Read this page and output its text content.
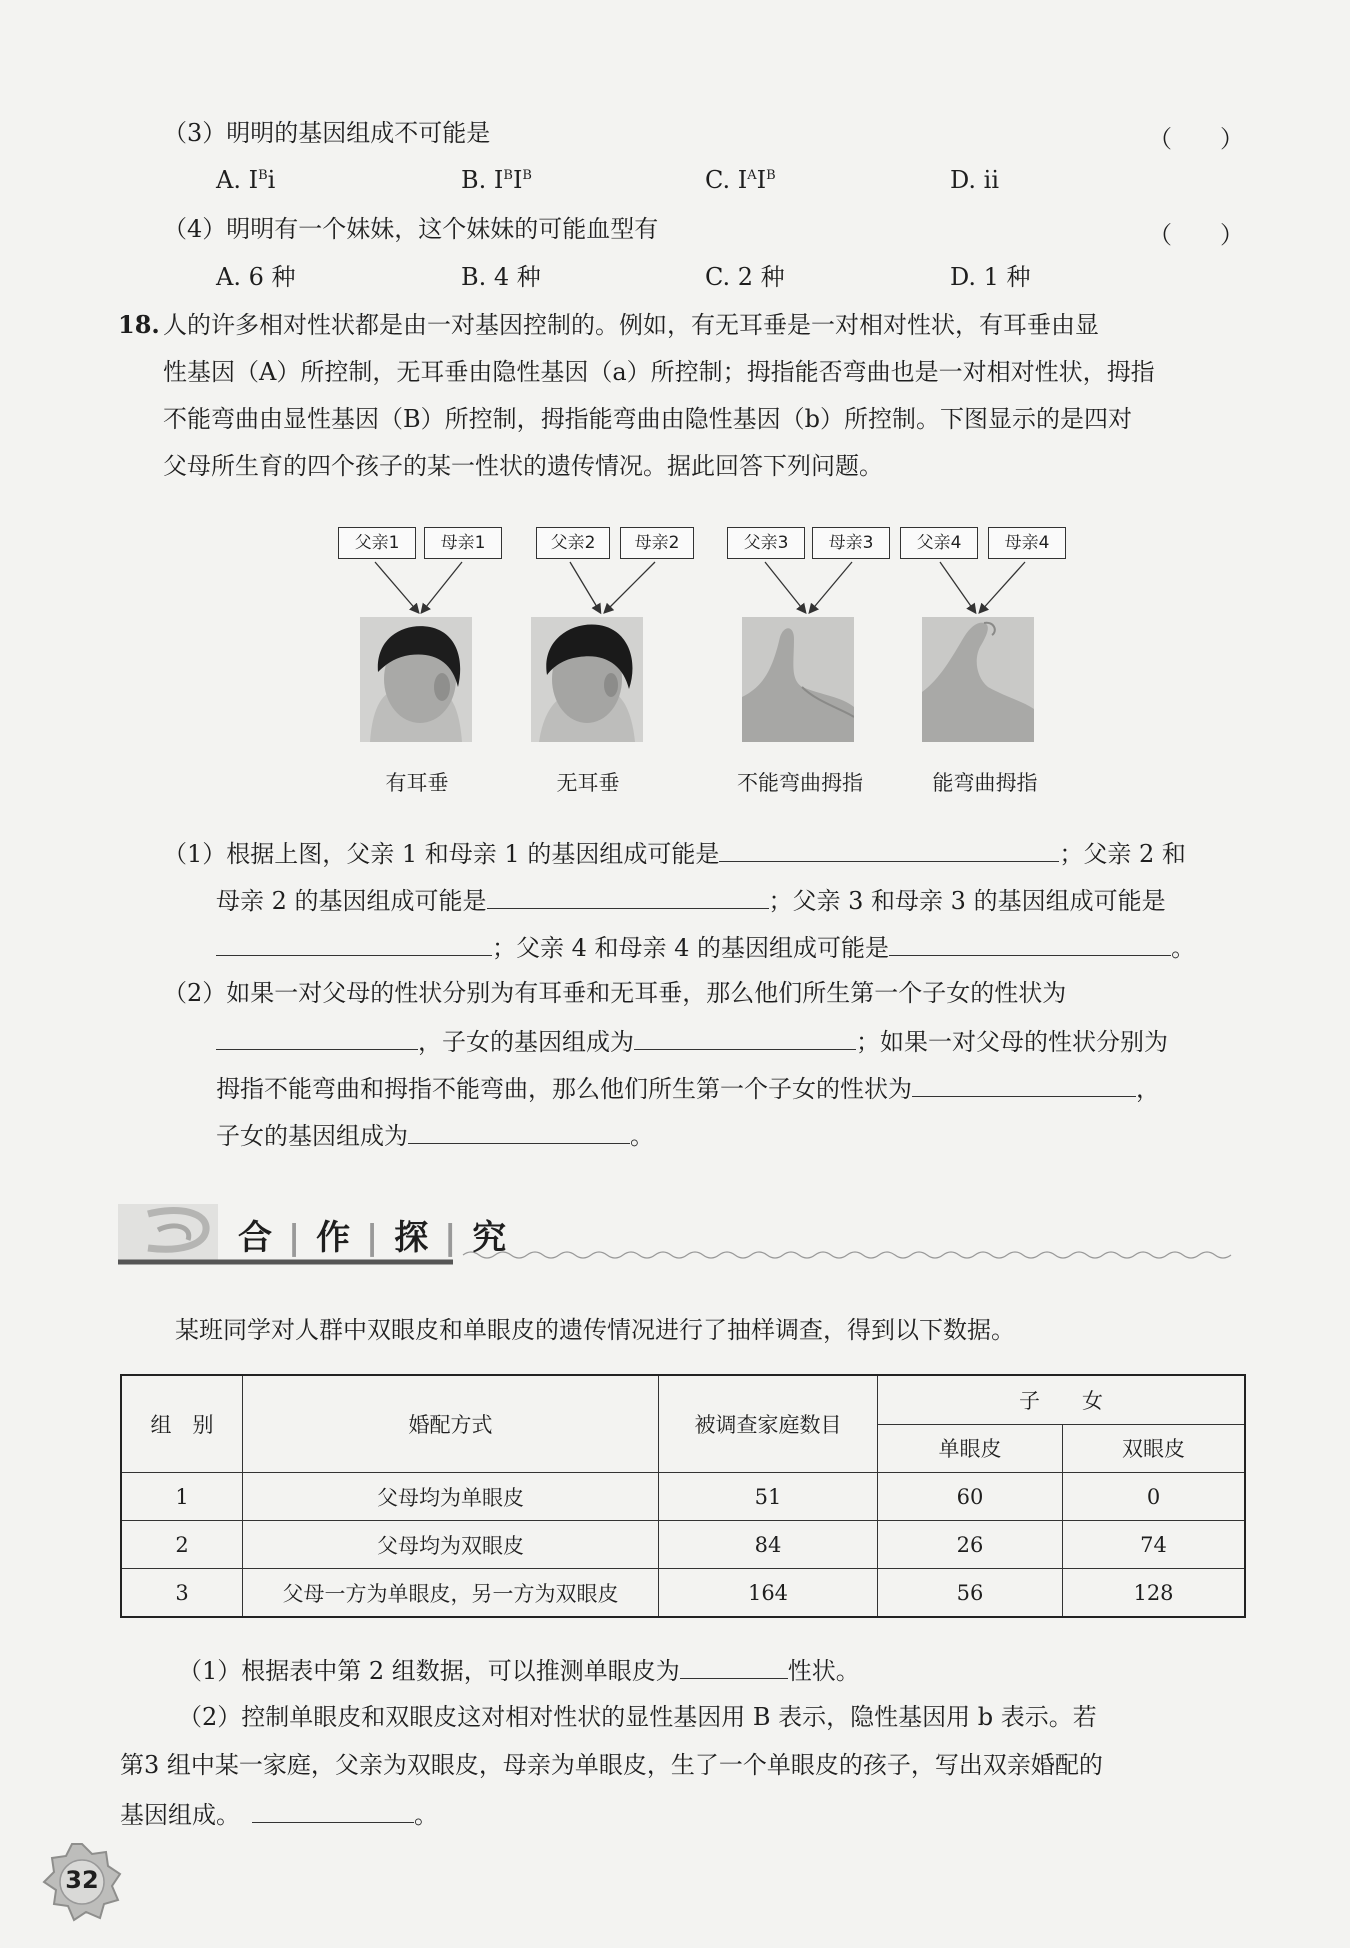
（3）明明的基因组成不可能是	（　　）
A. $I^Bi$	B. $I^BI^B$	C. $I^AI^B$	D. ii
（4）明明有一个妹妹，这个妹妹的可能血型有	（　　）
A. 6 种	B. 4 种	C. 2 种	D. 1 种
18. 人的许多相对性状都是由一对基因控制的。例如，有无耳垂是一对相对性状，有耳垂由显
性基因（A）所控制，无耳垂由隐性基因（a）所控制；拇指能否弯曲也是一对相对性状，拇指
不能弯曲由显性基因（B）所控制，拇指能弯曲由隐性基因（b）所控制。下图显示的是四对
父母所生育的四个孩子的某一性状的遗传情况。据此回答下列问题。
父亲1	母亲1	父亲2	母亲2	父亲3	母亲3	父亲4	母亲4
有耳垂	无耳垂	不能弯曲拇指	能弯曲拇指
（1）根据上图，父亲 1 和母亲 1 的基因组成可能是	；父亲 2 和
母亲 2 的基因组成可能是	；父亲 3 和母亲 3 的基因组成可能是
；父亲 4 和母亲 4 的基因组成可能是	。
（2）如果一对父母的性状分别为有耳垂和无耳垂，那么他们所生第一个子女的性状为
，子女的基因组成为	；如果一对父母的性状分别为
拇指不能弯曲和拇指不能弯曲，那么他们所生第一个子女的性状为	，
子女的基因组成为	。
合 | 作 | 探 | 究
某班同学对人群中双眼皮和单眼皮的遗传情况进行了抽样调查，得到以下数据。
组　别	婚配方式	被调查家庭数目	子　　女	
			单眼皮	双眼皮
1	父母均为单眼皮	51	60	0
2	父母均为双眼皮	84	26	74
3	父母一方为单眼皮，另一方为双眼皮	164	56	128
（1）根据表中第 2 组数据，可以推测单眼皮为	性状。
（2）控制单眼皮和双眼皮这对相对性状的显性基因用 B 表示，隐性基因用 b 表示。若
第3 组中某一家庭，父亲为双眼皮，母亲为单眼皮，生了一个单眼皮的孩子，写出双亲婚配的
基因组成。	。
32
